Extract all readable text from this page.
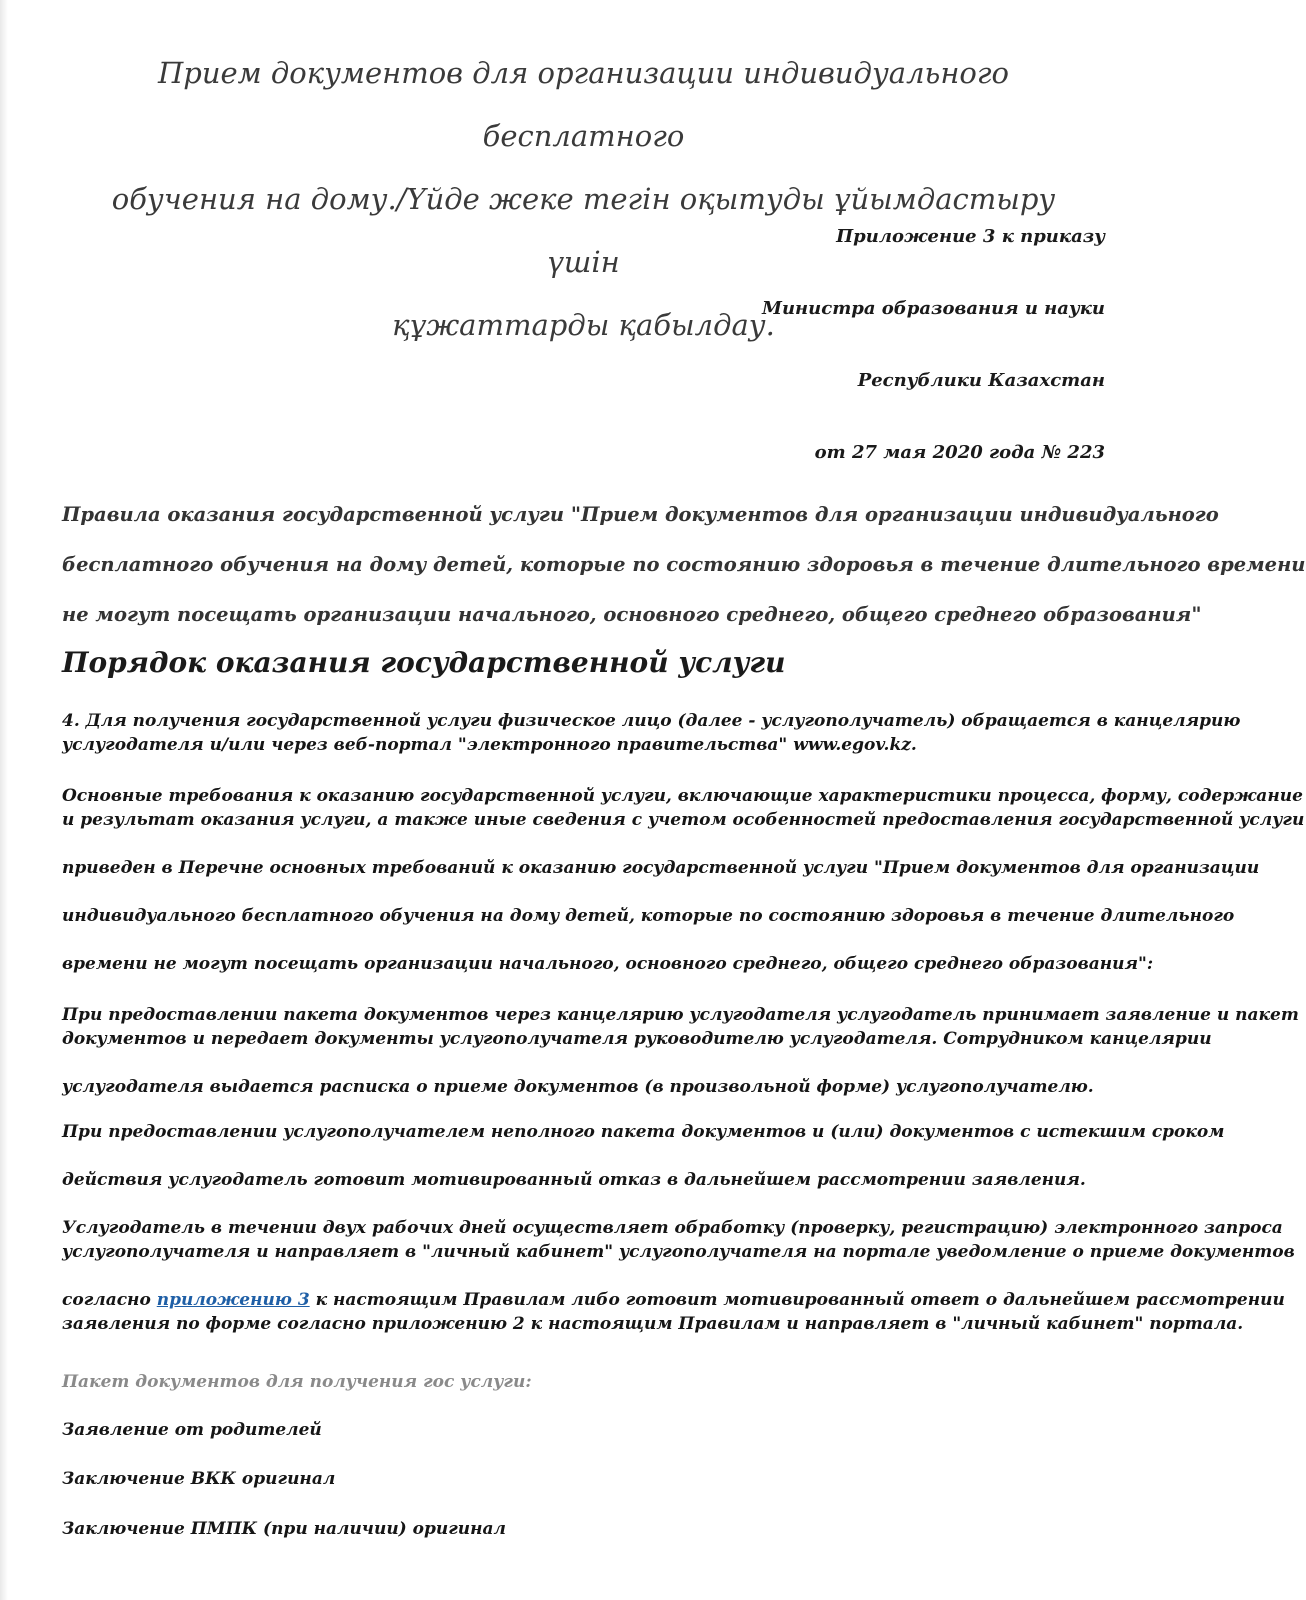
Прием документов для организации индивидуального бесплатного
обучения на дому./Үйде жеке тегін оқытуды ұйымдастыру үшін
құжаттарды қабылдау.
Приложение 3 к приказу
Министра образования и науки
Республики Казахстан
от 27 мая 2020 года № 223
Правила оказания государственной услуги "Прием документов для организации индивидуального
бесплатного обучения на дому детей, которые по состоянию здоровья в течение длительного времени
не могут посещать организации начального, основного среднего, общего среднего образования"
Порядок оказания государственной услуги
4. Для получения государственной услуги физическое лицо (далее - услугополучатель) обращается в канцелярию
услугодателя и/или через веб-портал "электронного правительства" www.egov.kz.
Основные требования к оказанию государственной услуги, включающие характеристики процесса, форму, содержание
и результат оказания услуги, а также иные сведения с учетом особенностей предоставления государственной услуги
приведен в Перечне основных требований к оказанию государственной услуги "Прием документов для организации
индивидуального бесплатного обучения на дому детей, которые по состоянию здоровья в течение длительного
времени не могут посещать организации начального, основного среднего, общего среднего образования":
При предоставлении пакета документов через канцелярию услугодателя услугодатель принимает заявление и пакет
документов и передает документы услугополучателя руководителю услугодателя. Сотрудником канцелярии
услугодателя выдается расписка о приеме документов (в произвольной форме) услугополучателю.
При предоставлении услугополучателем неполного пакета документов и (или) документов с истекшим сроком
действия услугодатель готовит мотивированный отказ в дальнейшем рассмотрении заявления.
Услугодатель в течении двух рабочих дней осуществляет обработку (проверку, регистрацию) электронного запроса
услугополучателя и направляет в "личный кабинет" услугополучателя на портале уведомление о приеме документов
согласно приложению 3 к настоящим Правилам либо готовит мотивированный ответ о дальнейшем рассмотрении
заявления по форме согласно приложению 2 к настоящим Правилам и направляет в "личный кабинет" портала.
Пакет документов для получения гос услуги:
Заявление от родителей
Заключение ВКК оригинал
Заключение ПМПК (при наличии) оригинал
